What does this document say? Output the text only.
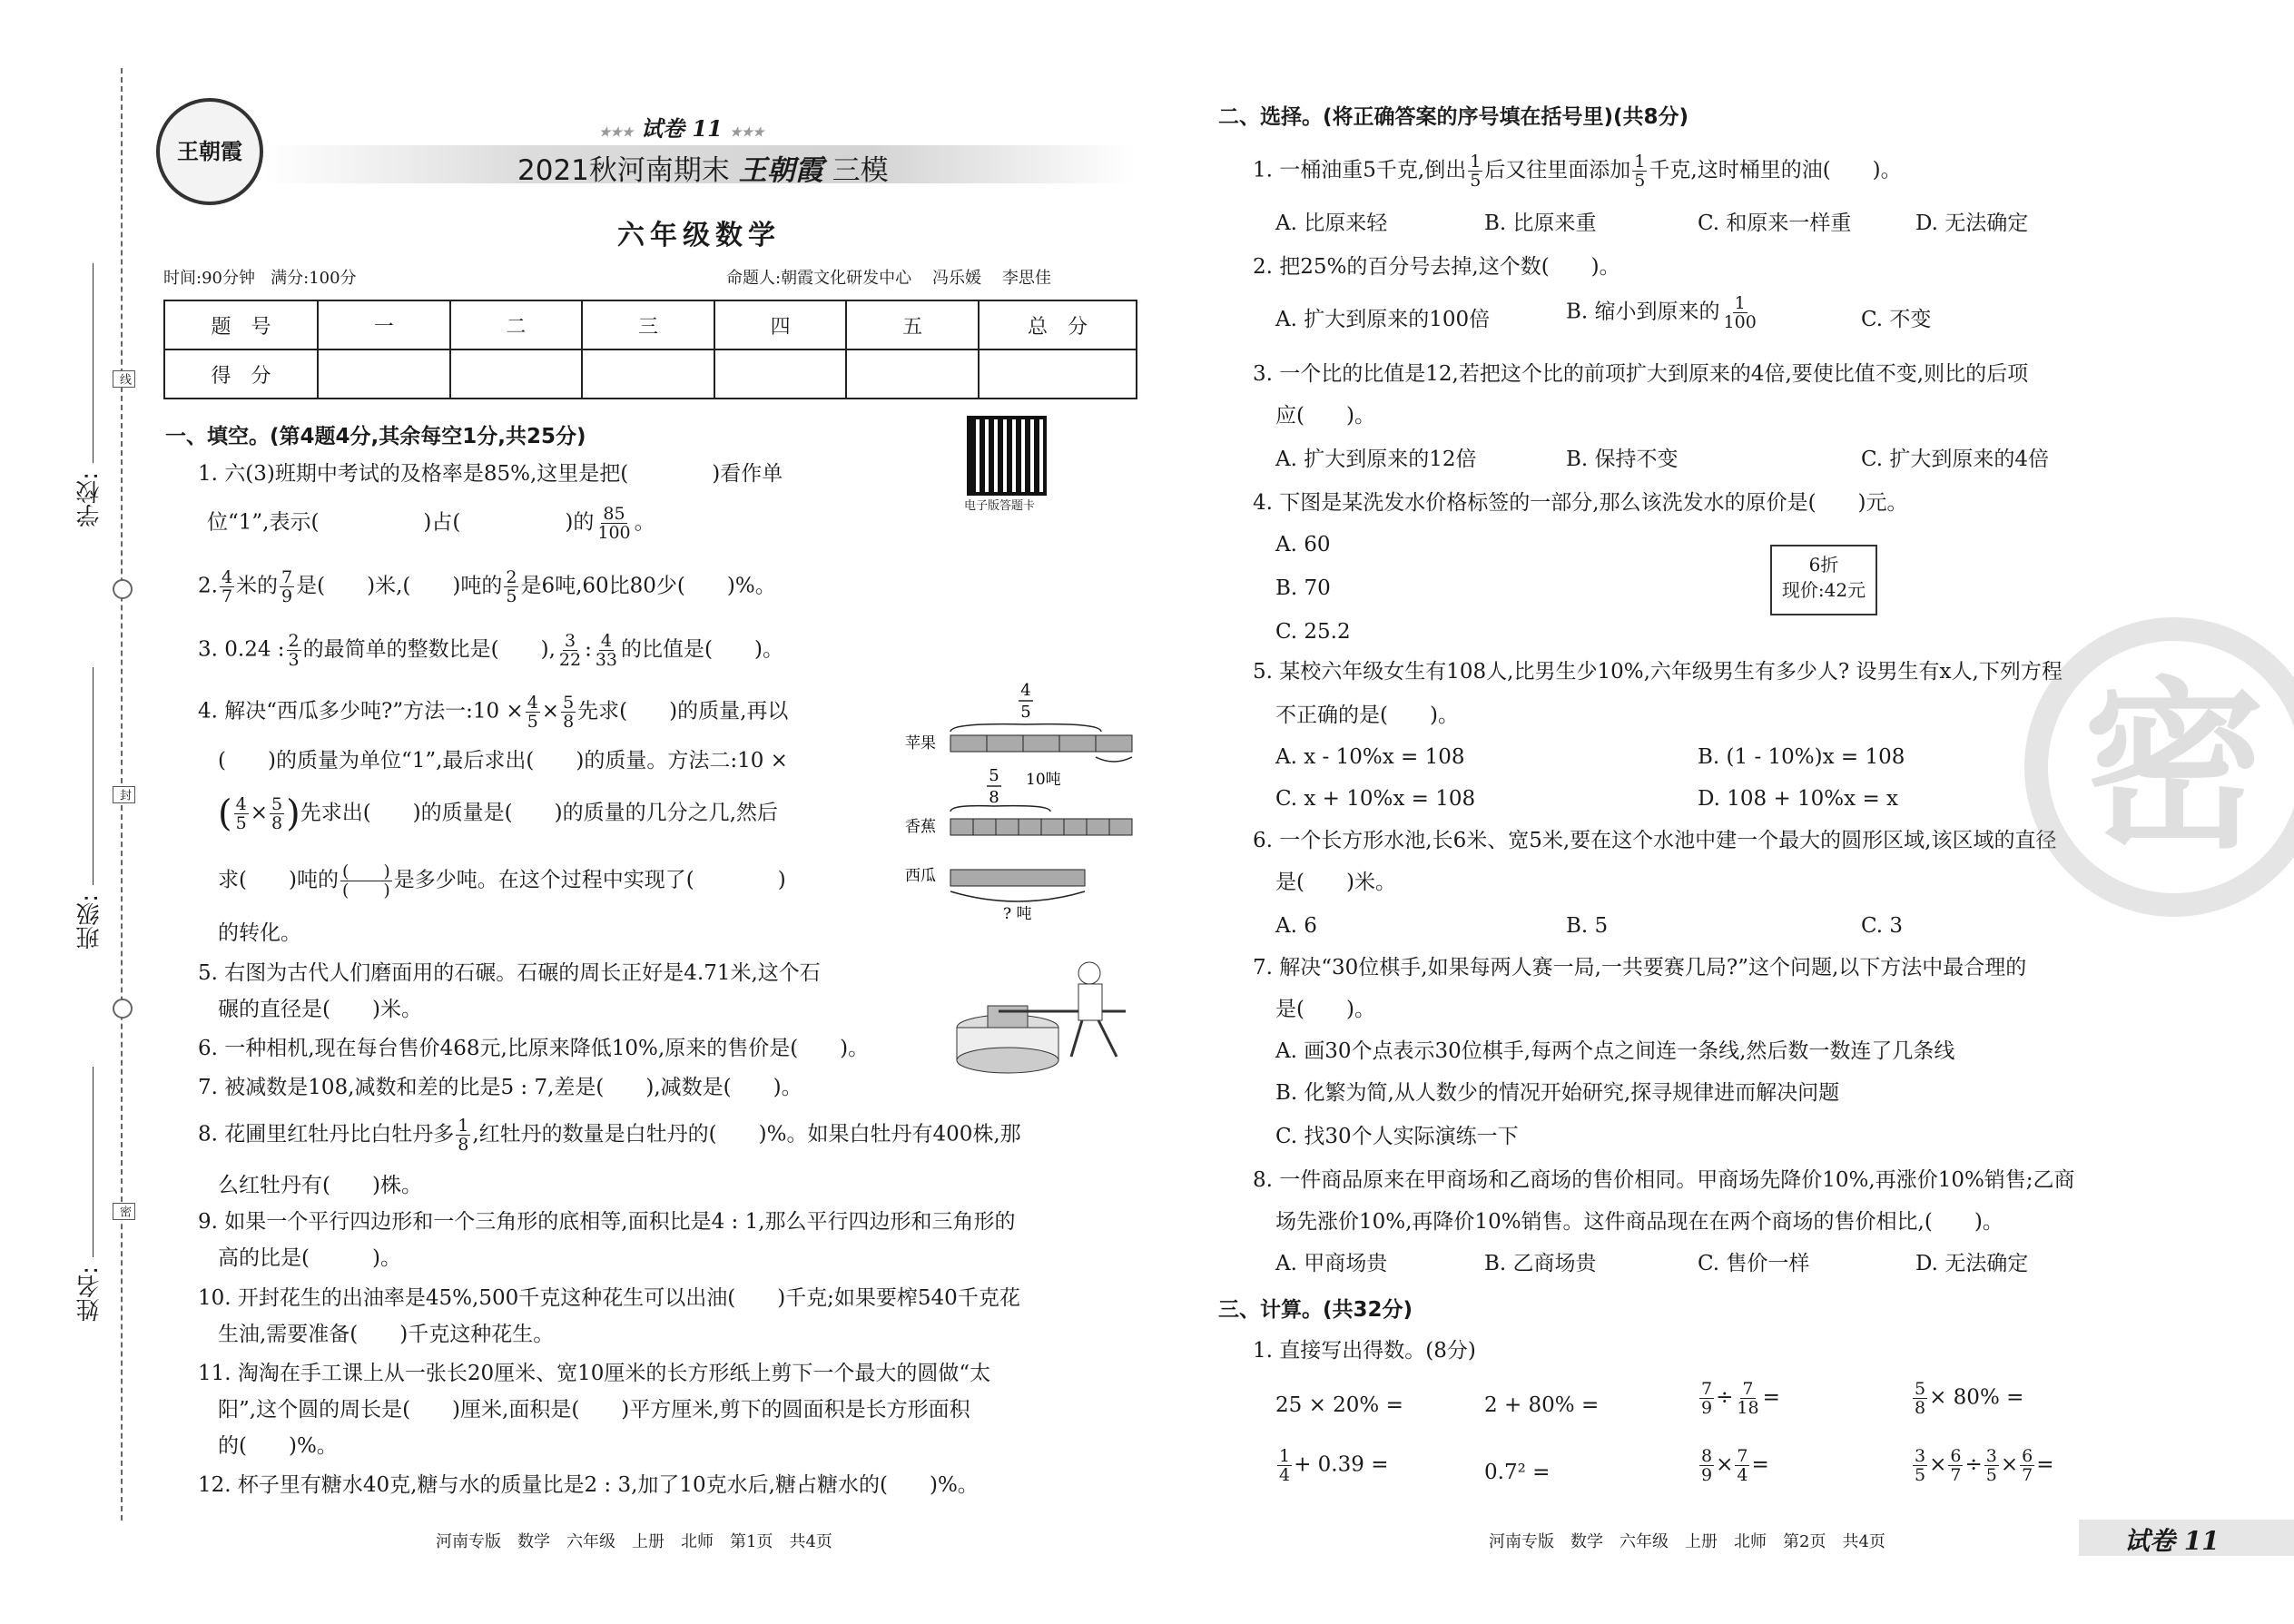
学校:
班级:
姓名:
线
封
密
王朝霞
★★★ 试卷 11 ★★★
2021秋河南期末 王朝霞 三模
六年级数学
时间:90分钟 满分:100分	命题人:朝霞文化研发中心    冯乐媛    李思佳
题　号	一	二	三	四	五	总　分
得　分						
电子版答题卡
一、填空。(第4题4分,其余每空1分,共25分)
1. 六(3)班期中考试的及格率是85%,这里是把(　　　　)看作单
位“1”,表示(　　　　　)占(　　　　　)的 $\frac{85}{100}$ 。
2. $\frac{4}{7}$ 米的 $\frac{7}{9}$ 是(　　)米,(　　)吨的 $\frac{2}{5}$ 是6吨,60比80少(　　)%。
3. 0.24 : $\frac{2}{3}$ 的最简单的整数比是(　　), $\frac{3}{22}$ : $\frac{4}{33}$ 的比值是(　　)。
4. 解决“西瓜多少吨?”方法一:10 × $\frac{4}{5} \times \frac{5}{8}$ 先求(　　)的质量,再以
(　　)的质量为单位“1”,最后求出(　　)的质量。方法二:10 ×
( $\frac{4}{5} \times \frac{5}{8}$ )先求出(　　)的质量是(　　)的质量的几分之几,然后
求(　　)吨的 $\frac{( )}{( )}$ 是多少吨。在这个过程中实现了(　　　　)
的转化。
4
5
苹果
5 10吨
8
香蕉
西瓜
? 吨
5. 右图为古代人们磨面用的石碾。石碾的周长正好是4.71米,这个石
碾的直径是(　　)米。
6. 一种相机,现在每台售价468元,比原来降低10%,原来的售价是(　　)。
7. 被减数是108,减数和差的比是5 : 7,差是(　　),减数是(　　)。
8. 花圃里红牡丹比白牡丹多 $\frac{1}{8}$ ,红牡丹的数量是白牡丹的(　　)%。如果白牡丹有400株,那
么红牡丹有(　　)株。
9. 如果一个平行四边形和一个三角形的底相等,面积比是4 : 1,那么平行四边形和三角形的
高的比是(　　　)。
10. 开封花生的出油率是45%,500千克这种花生可以出油(　　)千克;如果要榨540千克花
生油,需要准备(　　)千克这种花生。
11. 淘淘在手工课上从一张长20厘米、宽10厘米的长方形纸上剪下一个最大的圆做“太
阳”,这个圆的周长是(　　)厘米,面积是(　　)平方厘米,剪下的圆面积是长方形面积
的(　　)%。
12. 杯子里有糖水40克,糖与水的质量比是2 : 3,加了10克水后,糖占糖水的(　　)%。
河南专版　数学　六年级　上册　北师　第1页　共4页
二、选择。(将正确答案的序号填在括号里)(共8分)
1. 一桶油重5千克,倒出 $\frac{1}{5}$ 后又往里面添加 $\frac{1}{5}$ 千克,这时桶里的油(　　)。
A. 比原来轻	B. 比原来重	C. 和原来一样重	D. 无法确定
2. 把25%的百分号去掉,这个数(　　)。
A. 扩大到原来的100倍	B. 缩小到原来的 $\frac{1}{100}$	C. 不变
3. 一个比的比值是12,若把这个比的前项扩大到原来的4倍,要使比值不变,则比的后项
应(　　)。
A. 扩大到原来的12倍	B. 保持不变	C. 扩大到原来的4倍
4. 下图是某洗发水价格标签的一部分,那么该洗发水的原价是(　　)元。
A. 60
B. 70
C. 25.2
6折
现价:42元
5. 某校六年级女生有108人,比男生少10%,六年级男生有多少人? 设男生有x人,下列方程
不正确的是(　　)。
A. x - 10%x = 108	B. (1 - 10%)x = 108
C. x + 10%x = 108	D. 108 + 10%x = x
6. 一个长方形水池,长6米、宽5米,要在这个水池中建一个最大的圆形区域,该区域的直径
是(　　)米。
A. 6	B. 5	C. 3
7. 解决“30位棋手,如果每两人赛一局,一共要赛几局?”这个问题,以下方法中最合理的
是(　　)。
A. 画30个点表示30位棋手,每两个点之间连一条线,然后数一数连了几条线
B. 化繁为简,从人数少的情况开始研究,探寻规律进而解决问题
C. 找30个人实际演练一下
8. 一件商品原来在甲商场和乙商场的售价相同。甲商场先降价10%,再涨价10%销售;乙商
场先涨价10%,再降价10%销售。这件商品现在在两个商场的售价相比,(　　)。
A. 甲商场贵	B. 乙商场贵	C. 售价一样	D. 无法确定
三、计算。(共32分)
1. 直接写出得数。(8分)
25 × 20% =	2 + 80% =	$\frac{7}{9} \div \frac{7}{18}$ =	$\frac{5}{8} \times 80\%$ =
$\frac{1}{4} + 0.39$ =	0.7² =	$\frac{8}{9} \times \frac{7}{4}$ =	$\frac{3}{5} \times \frac{6}{7} \div \frac{3}{5} \times \frac{6}{7}$ =
河南专版　数学　六年级　上册　北师　第2页　共4页	试卷 11
密
